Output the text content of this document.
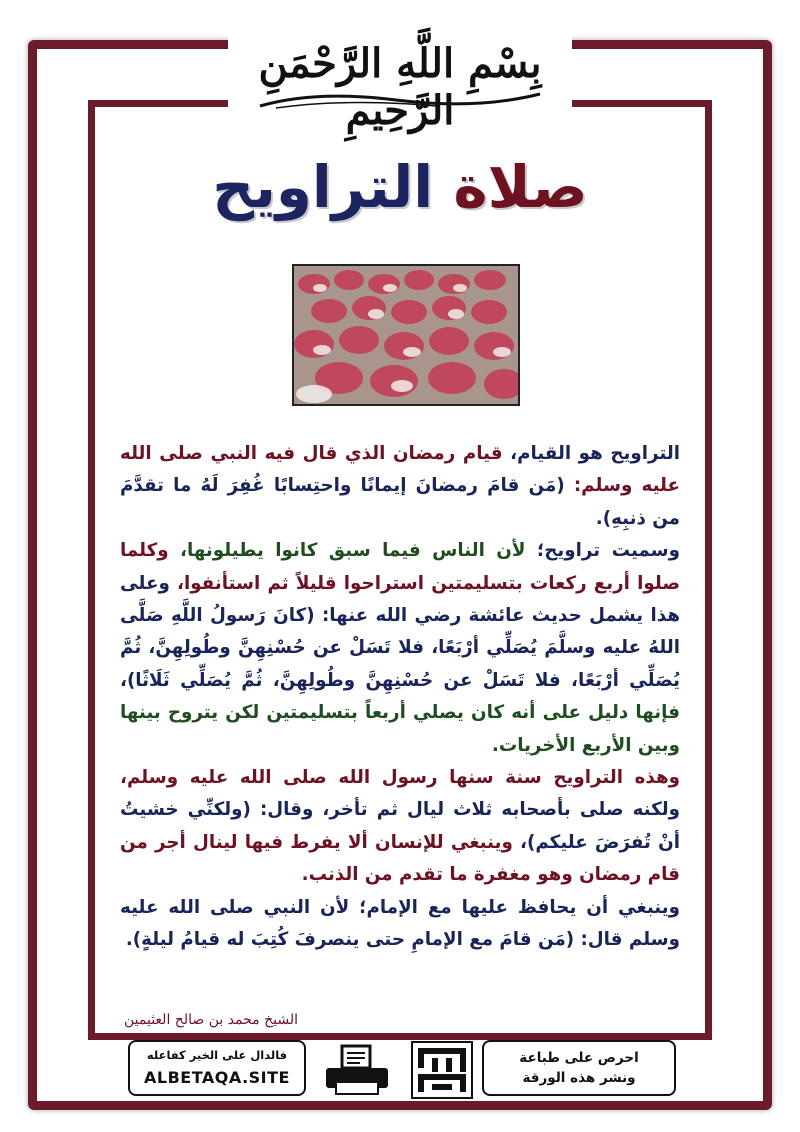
بِسْمِ اللَّهِ الرَّحْمَنِ الرَّحِيمِ
صلاة التراويح

التراويح هو القيام، قيام رمضان الذي قال فيه النبي صلى الله عليه وسلم: (مَن قامَ رمضانَ إيمانًا واحتِسابًا غُفِرَ لَهُ ما تقدَّمَ من ذنبِهِ).

وسميت تراويح؛ لأن الناس فيما سبق كانوا يطيلونها، وكلما صلوا أربع ركعات بتسليمتين استراحوا قليلاً ثم استأنفوا، وعلى هذا يشمل حديث عائشة رضي الله عنها: (كانَ رَسولُ اللَّهِ صَلَّى اللهُ عليه وسلَّمَ يُصَلِّي أرْبَعًا، فلا تَسَلْ عن حُسْنِهِنَّ وطُولِهِنَّ، ثُمَّ يُصَلِّي أرْبَعًا، فلا تَسَلْ عن حُسْنِهِنَّ وطُولِهِنَّ، ثُمَّ يُصَلِّي ثَلَاثًا)، فإنها دليل على أنه كان يصلي أربعاً بتسليمتين لكن يتروح بينها وبين الأربع الأخريات.

وهذه التراويح سنة سنها رسول الله صلى الله عليه وسلم، ولكنه صلى بأصحابه ثلاث ليال ثم تأخر، وقال: (ولكنِّي خشيتُ أنْ تُفرَضَ عليكم)، وينبغي للإنسان ألا يفرط فيها لينال أجر من قام رمضان وهو مغفرة ما تقدم من الذنب.

وينبغي أن يحافظ عليها مع الإمام؛ لأن النبي صلى الله عليه وسلم قال: (مَن قامَ مع الإمامِ حتى ينصرفَ كُتِبَ له قيامُ ليلةٍ).

الشيخ محمد بن صالح العثيمين
فالدال على الخير كفاعله
ALBETAQA.SITE
احرص على طباعة
ونشر هذه الورقة
